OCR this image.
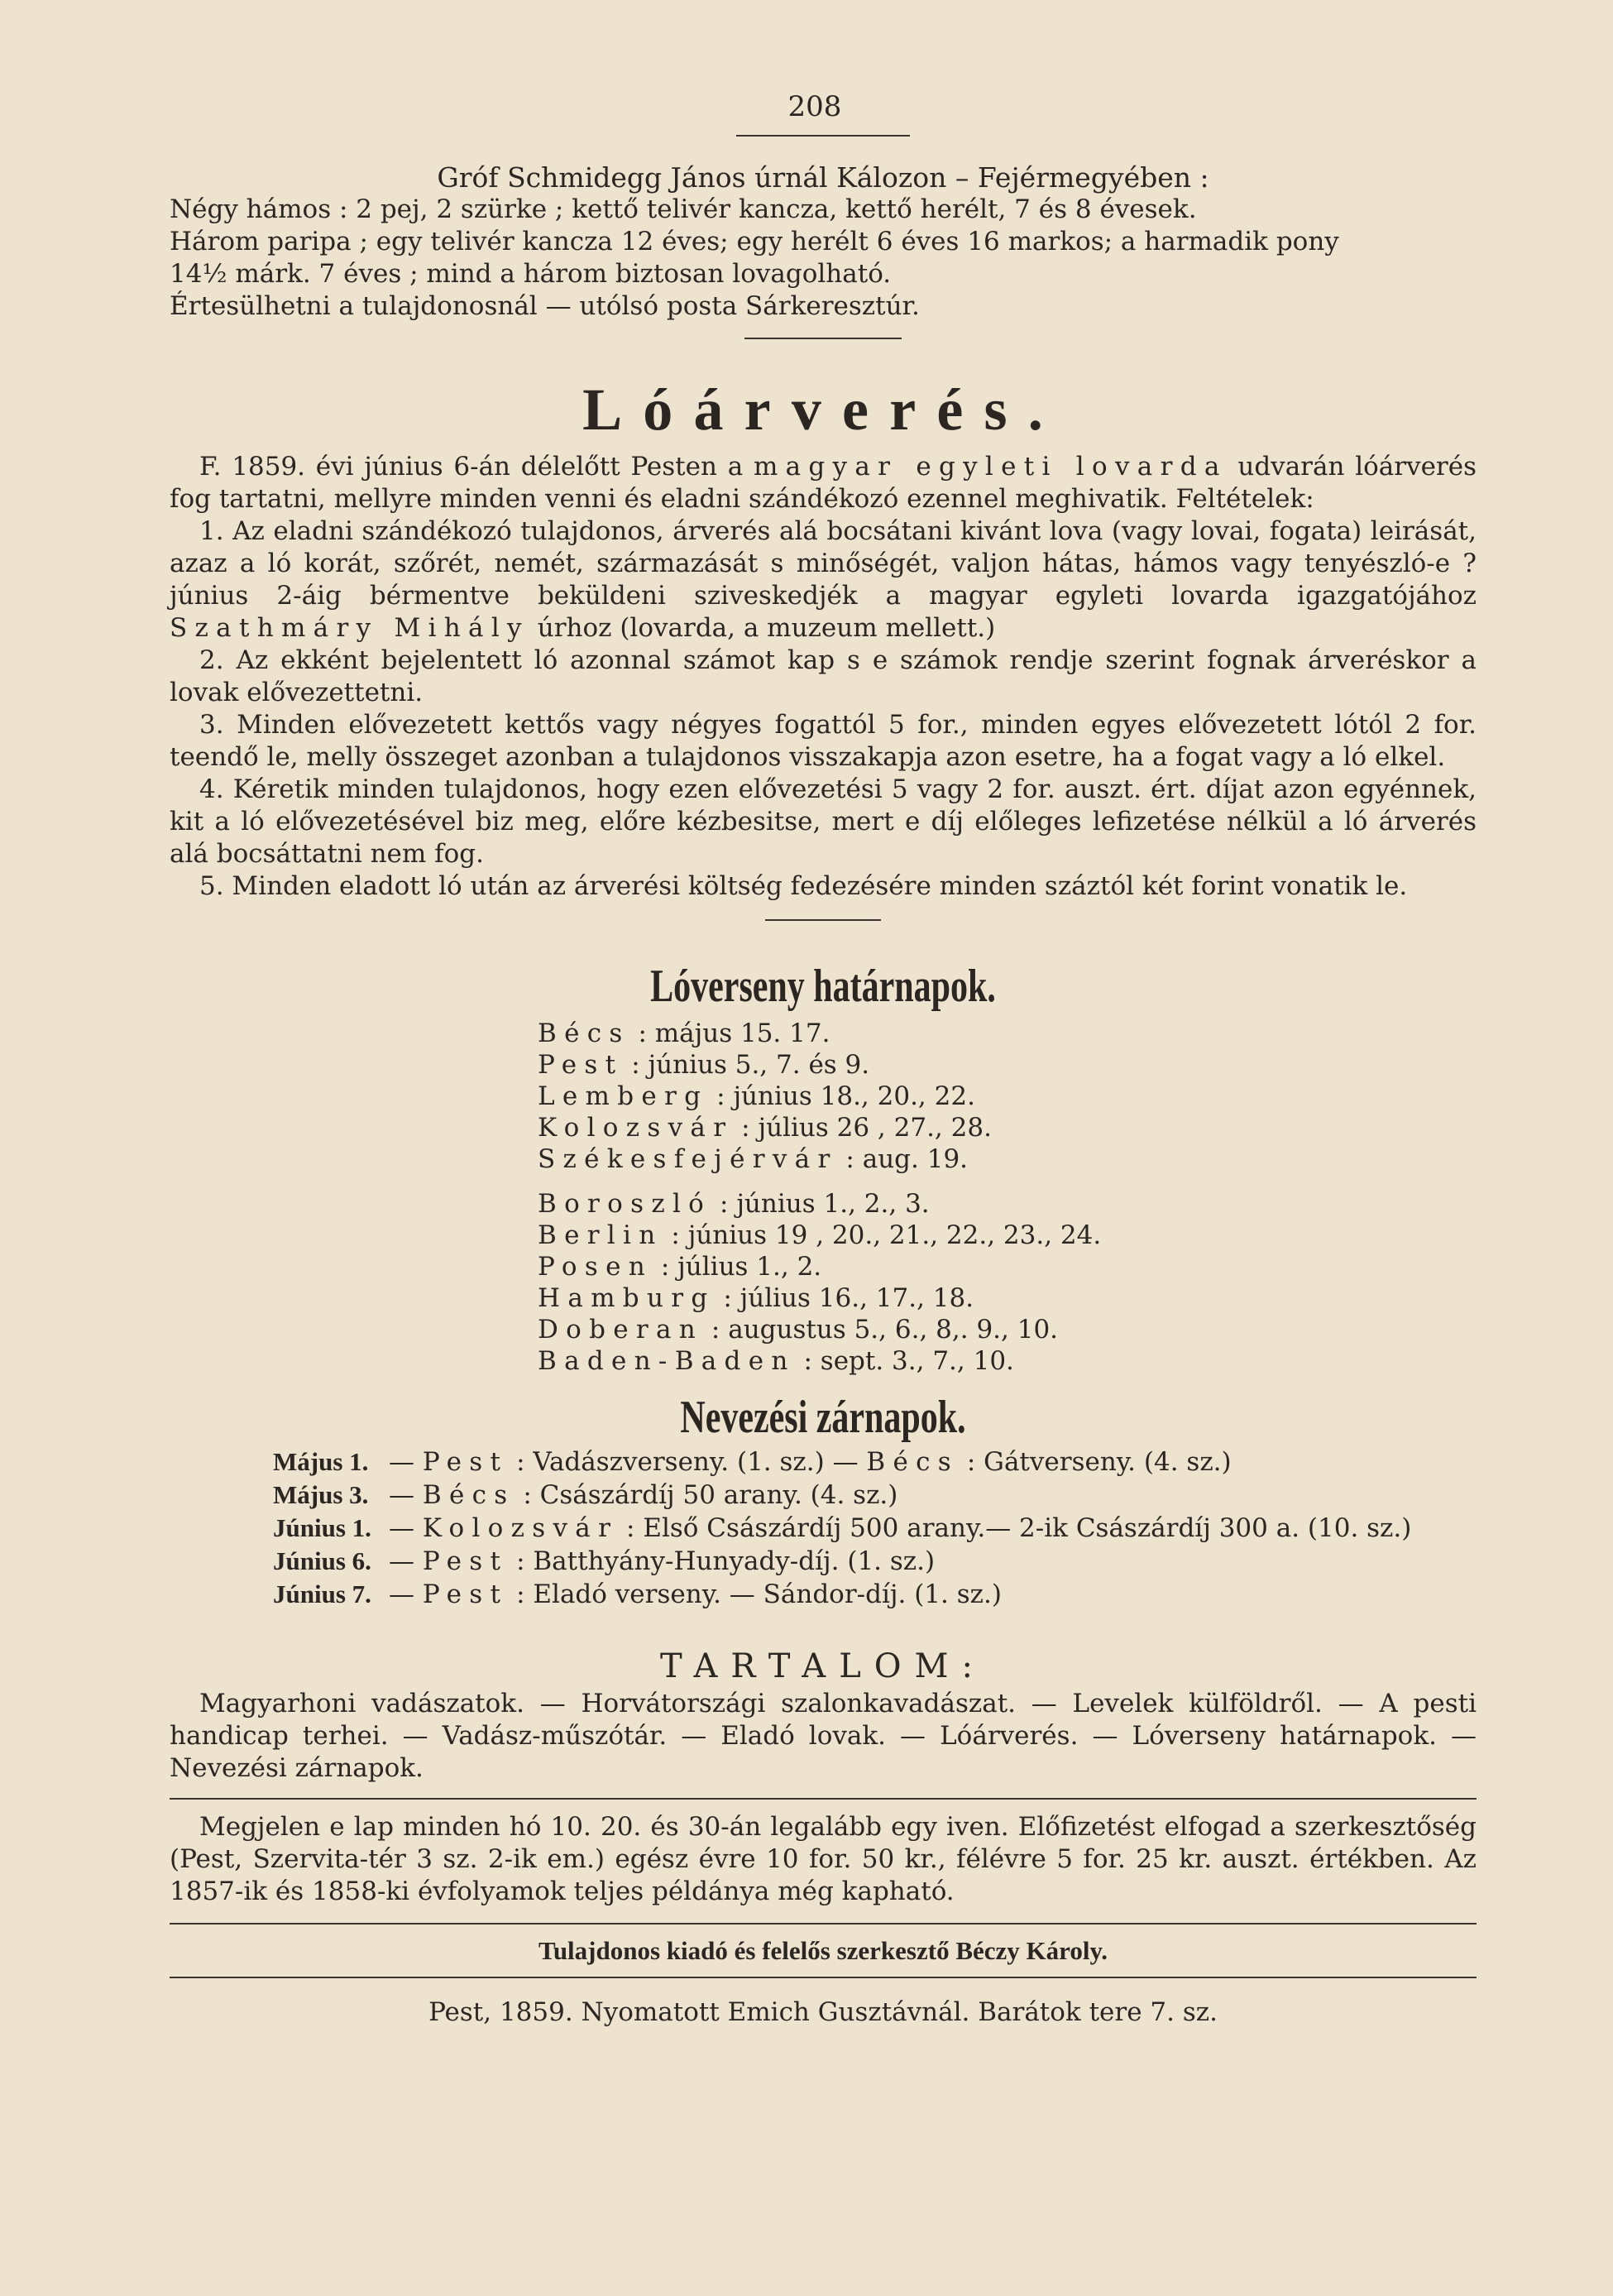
208
Gróf Schmidegg János úrnál Kálozon – Fejérmegyében :

Négy hámos : 2 pej, 2 szürke ; kettő telivér kancza, kettő herélt, 7 és 8 évesek.

Három paripa ; egy telivér kancza 12 éves; egy herélt 6 éves 16 markos; a harmadik pony

14½ márk. 7 éves ; mind a három biztosan lovagolható.

Értesülhetni a tulajdonosnál — utólsó posta Sárkeresztúr.

Lóárverés.

F. 1859. évi június 6-án délelőtt Pesten a magyar egyleti lovarda udvarán lóárverés fog tartatni, mellyre minden venni és eladni szándékozó ezennel meghivatik. Feltételek:

1. Az eladni szándékozó tulajdonos, árverés alá bocsátani kivánt lova (vagy lovai, fogata) leirását, azaz a ló korát, szőrét, nemét, származását s minőségét, valjon hátas, hámos vagy tenyészló-e ? június 2-áig bérmentve beküldeni sziveskedjék a magyar egyleti lovarda igazgatójához Szathmáry Mihály úrhoz (lovarda, a muzeum mellett.)

2. Az ekként bejelentett ló azonnal számot kap s e számok rendje szerint fognak árveréskor a lovak elővezettetni.

3. Minden elővezetett kettős vagy négyes fogattól 5 for., minden egyes elővezetett lótól 2 for. teendő le, melly összeget azonban a tulajdonos visszakapja azon esetre, ha a fogat vagy a ló elkel.

4. Kéretik minden tulajdonos, hogy ezen elővezetési 5 vagy 2 for. auszt. ért. díjat azon egyénnek, kit a ló elővezetésével biz meg, előre kézbesitse, mert e díj előleges lefizetése nélkül a ló árverés alá bocsáttatni nem fog.

5. Minden eladott ló után az árverési költség fedezésére minden száztól két forint vonatik le.

Lóverseny határnapok.
Bécs : május 15. 17.
Pest : június 5., 7. és 9.
Lemberg : június 18., 20., 22.
Kolozsvár : július 26 , 27., 28.
Székesfejérvár : aug. 19.
Boroszló : június 1., 2., 3.
Berlin : június 19 , 20., 21., 22., 23., 24.
Posen : július 1., 2.
Hamburg : július 16., 17., 18.
Doberan : augustus 5., 6., 8,. 9., 10.
Baden-Baden : sept. 3., 7., 10.
Nevezési zárnapok.
Május 1. — Pest : Vadászverseny. (1. sz.) — Bécs : Gátverseny. (4. sz.)
Május 3. — Bécs : Császárdíj 50 arany. (4. sz.)
Június 1. — Kolozsvár : Első Császárdíj 500 arany.— 2-ik Császárdíj 300 a. (10. sz.)
Június 6. — Pest : Batthyány-Hunyady-díj. (1. sz.)
Június 7. — Pest : Eladó verseny. — Sándor-díj. (1. sz.)
TARTALOM:

Magyarhoni vadászatok. — Horvátországi szalonkavadászat. — Levelek külföldről. — A pesti handicap terhei. — Vadász-műszótár. — Eladó lovak. — Lóárverés. — Lóverseny határnapok. — Nevezési zárnapok.

Megjelen e lap minden hó 10. 20. és 30-án legalább egy iven. Előfizetést elfogad a szerkesztőség (Pest, Szervita-tér 3 sz. 2-ik em.) egész évre 10 for. 50 kr., félévre 5 for. 25 kr. auszt. értékben. Az 1857-ik és 1858-ki évfolyamok teljes példánya még kapható.

Tulajdonos kiadó és felelős szerkesztő Béczy Károly.
Pest, 1859. Nyomatott Emich Gusztávnál. Barátok tere 7. sz.
